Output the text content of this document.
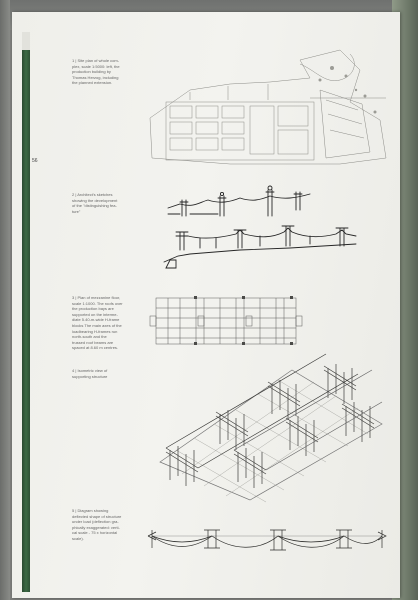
56
1 | Site plan of whole com-
plex, scale 1:5000: left, the
production building by
Thomas Herzog, including
the planned extension.
2 | Architect's sketches
showing the development
of the "distinguishing fea-
ture"
3 | Plan of mezzanine floor,
scale 1:1000. The roofs over
the production bays are
supported on the interme-
diate 5.40-m-wide H-frame
blocks The main axes of the
loadbearing H-frames run
north-south and the
trussed roof beams are
spaced at 8.60 m centres.
4 | Isometric view of
supporting structure
5 | Diagram showing
deflected shape of structure
under load (deflection gra-
phically exaggerated: verti-
cal scale - 75 x horizontal
scale).
